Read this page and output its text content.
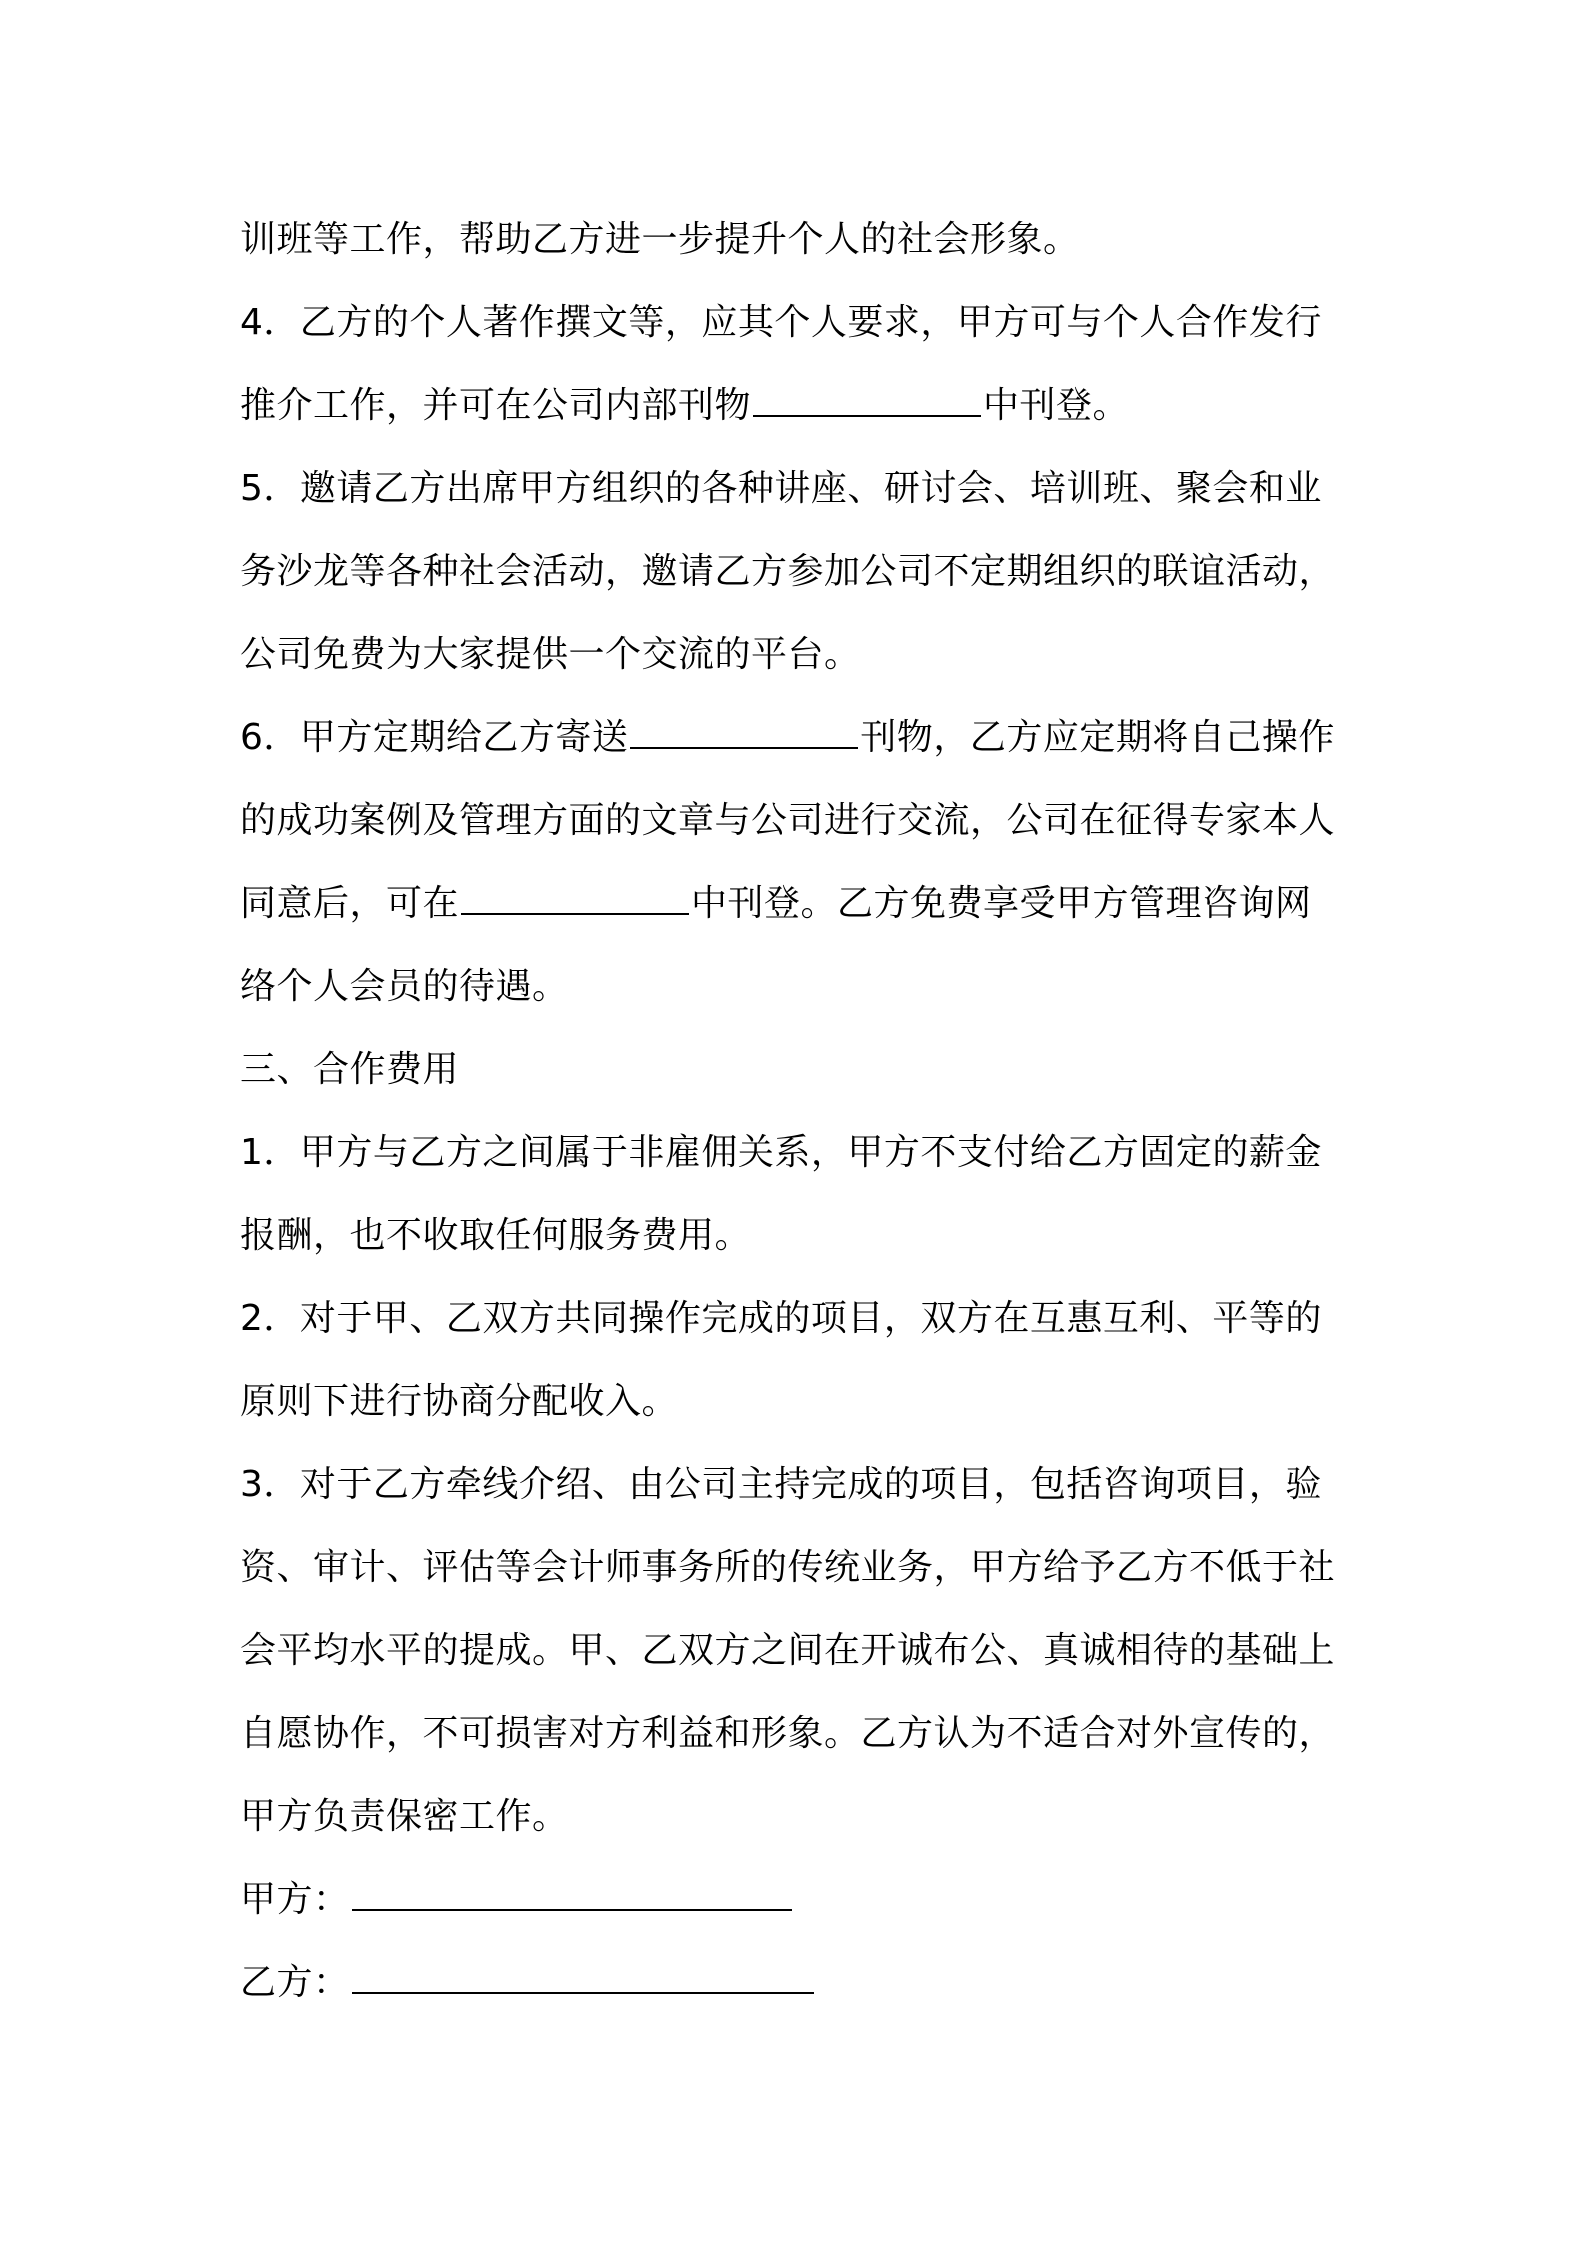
训班等工作，帮助乙方进一步提升个人的社会形象。
4．乙方的个人著作撰文等，应其个人要求，甲方可与个人合作发行
推介工作，并可在公司内部刊物	中刊登。
5．邀请乙方出席甲方组织的各种讲座、研讨会、培训班、聚会和业
务沙龙等各种社会活动，邀请乙方参加公司不定期组织的联谊活动，
公司免费为大家提供一个交流的平台。
6．甲方定期给乙方寄送	刊物，乙方应定期将自己操作
的成功案例及管理方面的文章与公司进行交流，公司在征得专家本人
同意后，可在	中刊登。乙方免费享受甲方管理咨询网
络个人会员的待遇。
三、合作费用
1．甲方与乙方之间属于非雇佣关系，甲方不支付给乙方固定的薪金
报酬，也不收取任何服务费用。
2．对于甲、乙双方共同操作完成的项目，双方在互惠互利、平等的
原则下进行协商分配收入。
3．对于乙方牵线介绍、由公司主持完成的项目，包括咨询项目，验
资、审计、评估等会计师事务所的传统业务，甲方给予乙方不低于社
会平均水平的提成。甲、乙双方之间在开诚布公、真诚相待的基础上
自愿协作，不可损害对方利益和形象。乙方认为不适合对外宣传的，
甲方负责保密工作。
甲方：
乙方：
